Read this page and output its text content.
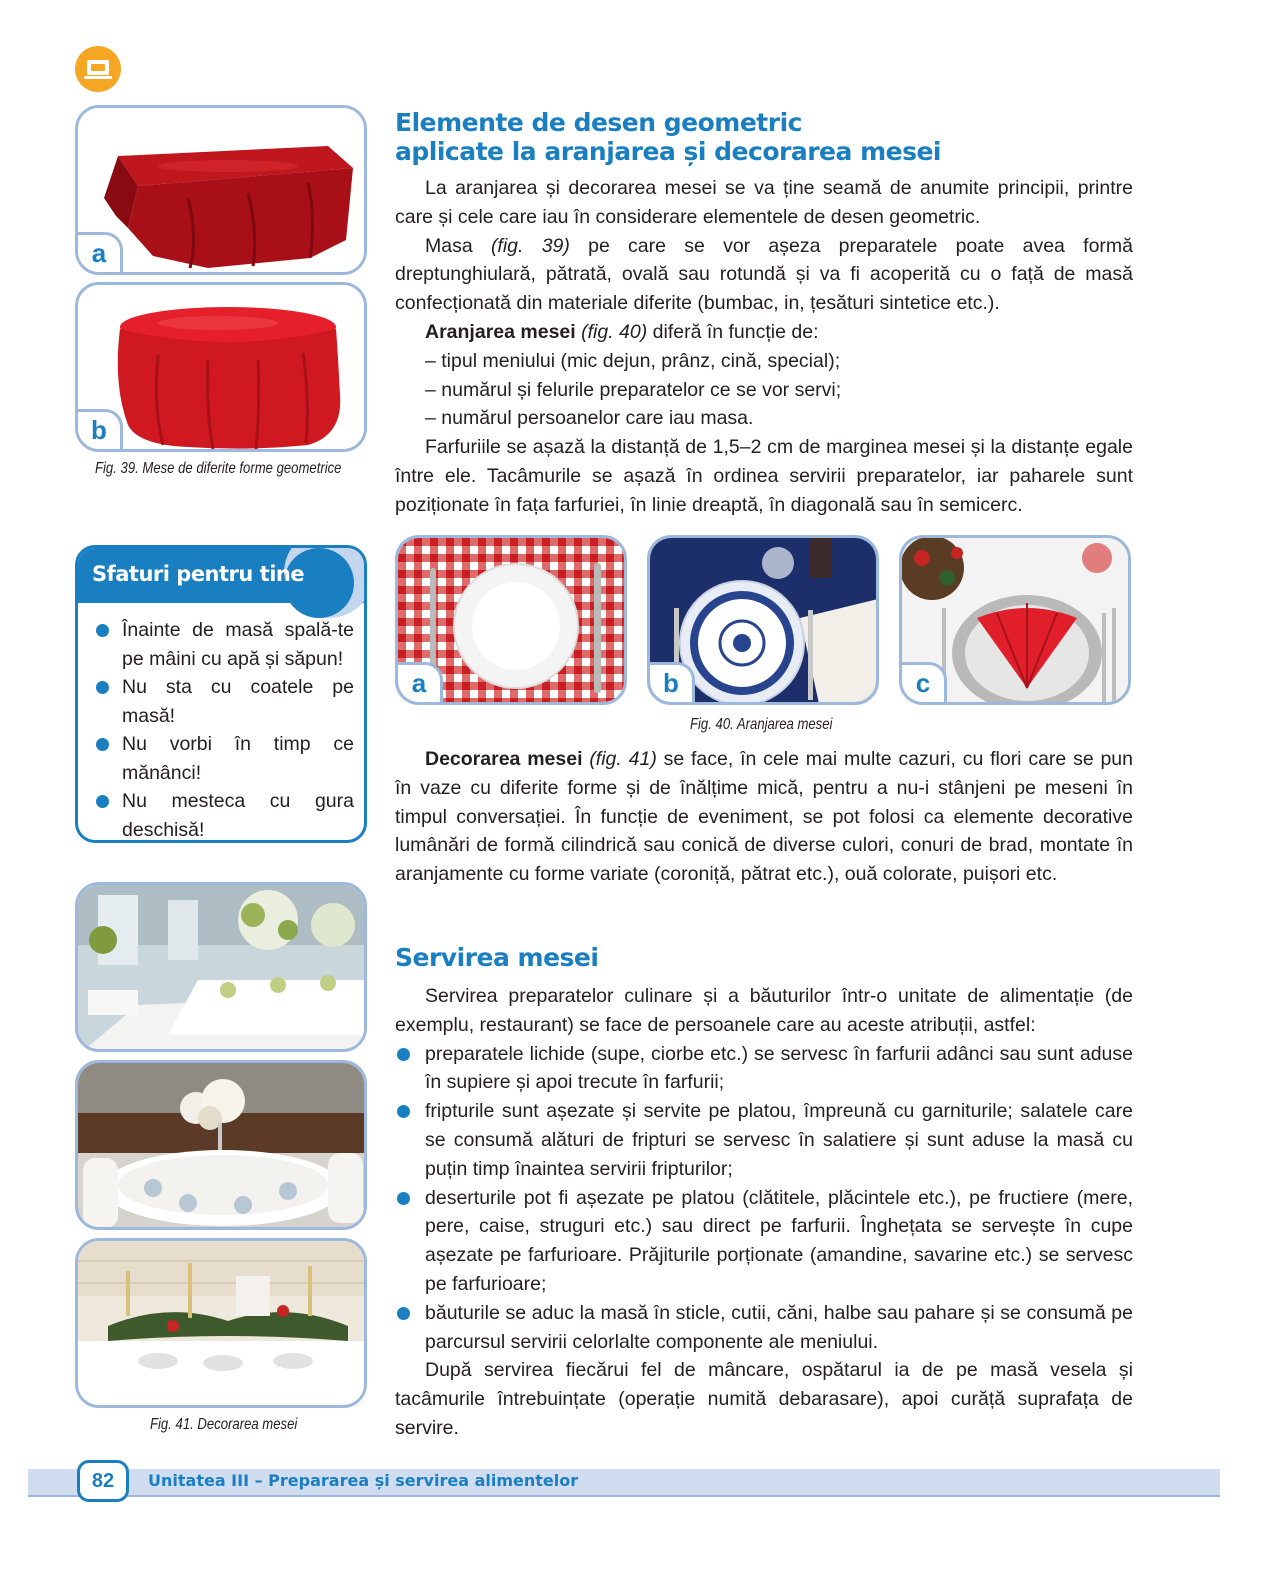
a
b
Fig. 39. Mese de diferite forme geometrice
Sfaturi pentru tine
Înainte de masă spală-te pe mâini cu apă și săpun!
Nu sta cu coatele pe masă!
Nu vorbi în timp ce mănânci!
Nu mesteca cu gura deschisă!
Fig. 41. Decorarea mesei
Elemente de desen geometric
aplicate la aranjarea și decorarea mesei

La aranjarea și decorarea mesei se va ține seamă de anumite principii, printre care și cele care iau în considerare elementele de desen geometric.

Masa (fig. 39) pe care se vor așeza preparatele poate avea formă dreptunghiulară, pătrată, ovală sau rotundă și va fi acoperită cu o față de masă confecționată din materiale diferite (bumbac, in, țesături sintetice etc.).

Aranjarea mesei (fig. 40) diferă în funcție de:

– tipul meniului (mic dejun, prânz, cină, special);

– numărul și felurile preparatelor ce se vor servi;

– numărul persoanelor care iau masa.

Farfuriile se așază la distanță de 1,5–2 cm de marginea mesei și la distanțe egale între ele. Tacâmurile se așază în ordinea servirii preparatelor, iar paharele sunt poziționate în fața farfuriei, în linie dreaptă, în diagonală sau în semicerc.

a	b	c
Fig. 40. Aranjarea mesei

Decorarea mesei (fig. 41) se face, în cele mai multe cazuri, cu flori care se pun în vaze cu diferite forme și de înălțime mică, pentru a nu-i stânjeni pe meseni în timpul conversației. În funcție de eveniment, se pot folosi ca elemente decorative lumânări de formă cilindrică sau conică de diverse culori, conuri de brad, montate în aranjamente cu forme variate (coroniță, pătrat etc.), ouă colorate, puișori etc.

Servirea mesei

Servirea preparatelor culinare și a băuturilor într-o unitate de alimentație (de exemplu, restaurant) se face de persoanele care au aceste atribuții, astfel:

preparatele lichide (supe, ciorbe etc.) se servesc în farfurii adânci sau sunt aduse în supiere și apoi trecute în farfurii;

fripturile sunt așezate și servite pe platou, împreună cu garniturile; salatele care se consumă alături de fripturi se servesc în salatiere și sunt aduse la masă cu puțin timp înaintea servirii fripturilor;

deserturile pot fi așezate pe platou (clătitele, plăcintele etc.), pe fructiere (mere, pere, caise, struguri etc.) sau direct pe farfurii. Înghețata se servește în cupe așezate pe farfurioare. Prăjiturile porționate (amandine, savarine etc.) se servesc pe farfurioare;

băuturile se aduc la masă în sticle, cutii, căni, halbe sau pahare și se consumă pe parcursul servirii celorlalte componente ale meniului.

După servirea fiecărui fel de mâncare, ospătarul ia de pe masă vesela și tacâmurile întrebuințate (operație numită debarasare), apoi curăță suprafața de servire.

82	Unitatea III – Prepararea și servirea alimentelor
